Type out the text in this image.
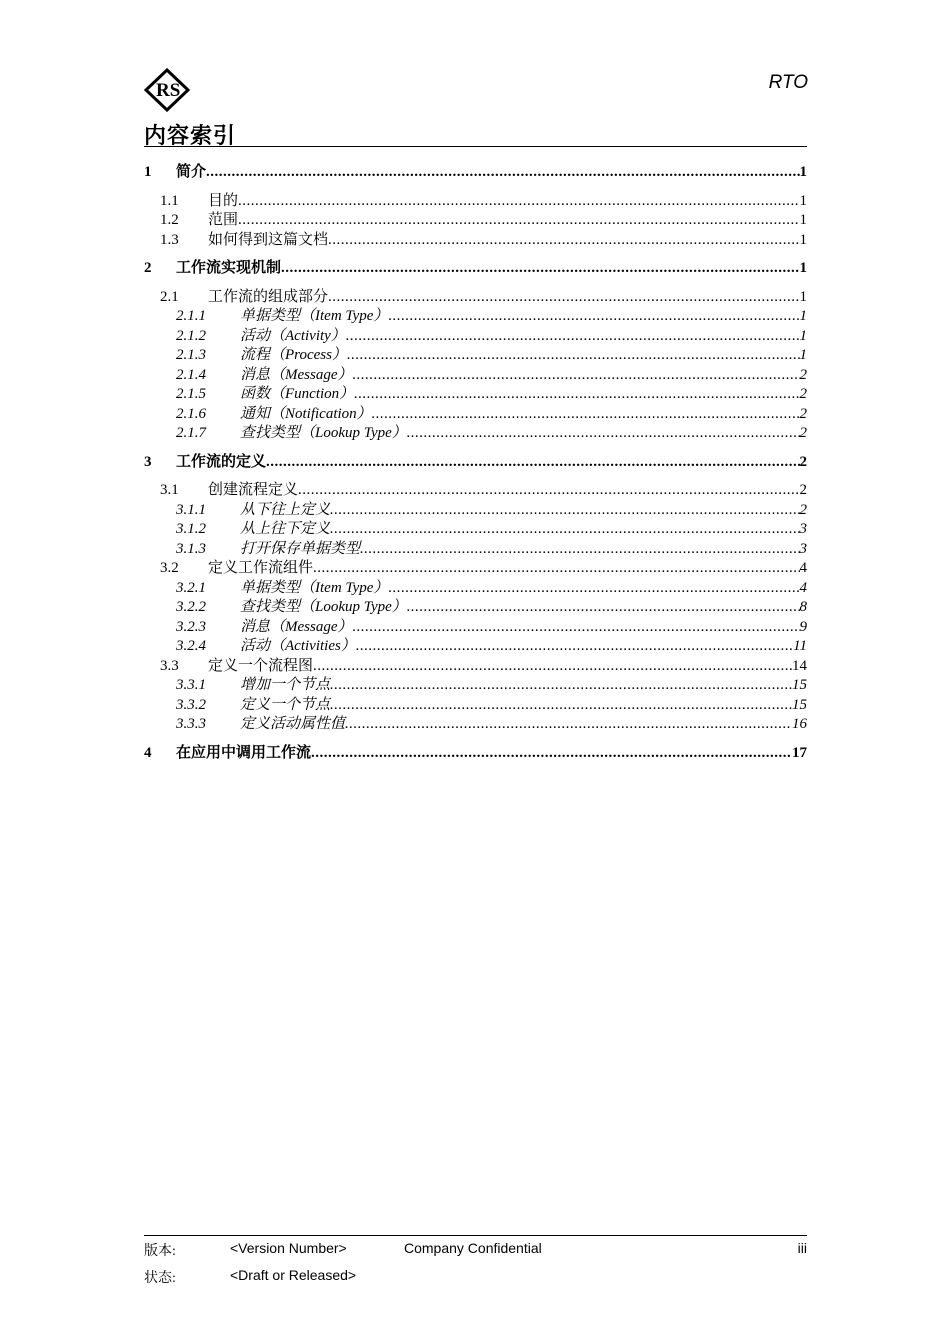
RS	RTO
内容索引
1	简介 .....	1
1.1	目的 .....	1
1.2	范围 .....	1
1.3	如何得到这篇文档 .....	1
2	工作流实现机制 .....	1
2.1	工作流的组成部分 .....	1
2.1.1	单据类型（Item Type） .....	1
2.1.2	活动（Activity） .....	1
2.1.3	流程（Process） .....	1
2.1.4	消息（Message） .....	2
2.1.5	函数（Function） .....	2
2.1.6	通知（Notification） .....	2
2.1.7	查找类型（Lookup Type） .....	2
3	工作流的定义 .....	2
3.1	创建流程定义 .....	2
3.1.1	从下往上定义 .....	2
3.1.2	从上往下定义 .....	3
3.1.3	打开保存单据类型 .....	3
3.2	定义工作流组件 .....	4
3.2.1	单据类型（Item Type） .....	4
3.2.2	查找类型（Lookup Type） .....	8
3.2.3	消息（Message） .....	9
3.2.4	活动（Activities） .....	11
3.3	定义一个流程图 .....	14
3.3.1	增加一个节点 .....	15
3.3.2	定义一个节点 .....	15
3.3.3	定义活动属性值 .....	16
4	在应用中调用工作流 .....	17
版本:	<Version Number>	Company Confidential	iii
状态:	<Draft or Released>
